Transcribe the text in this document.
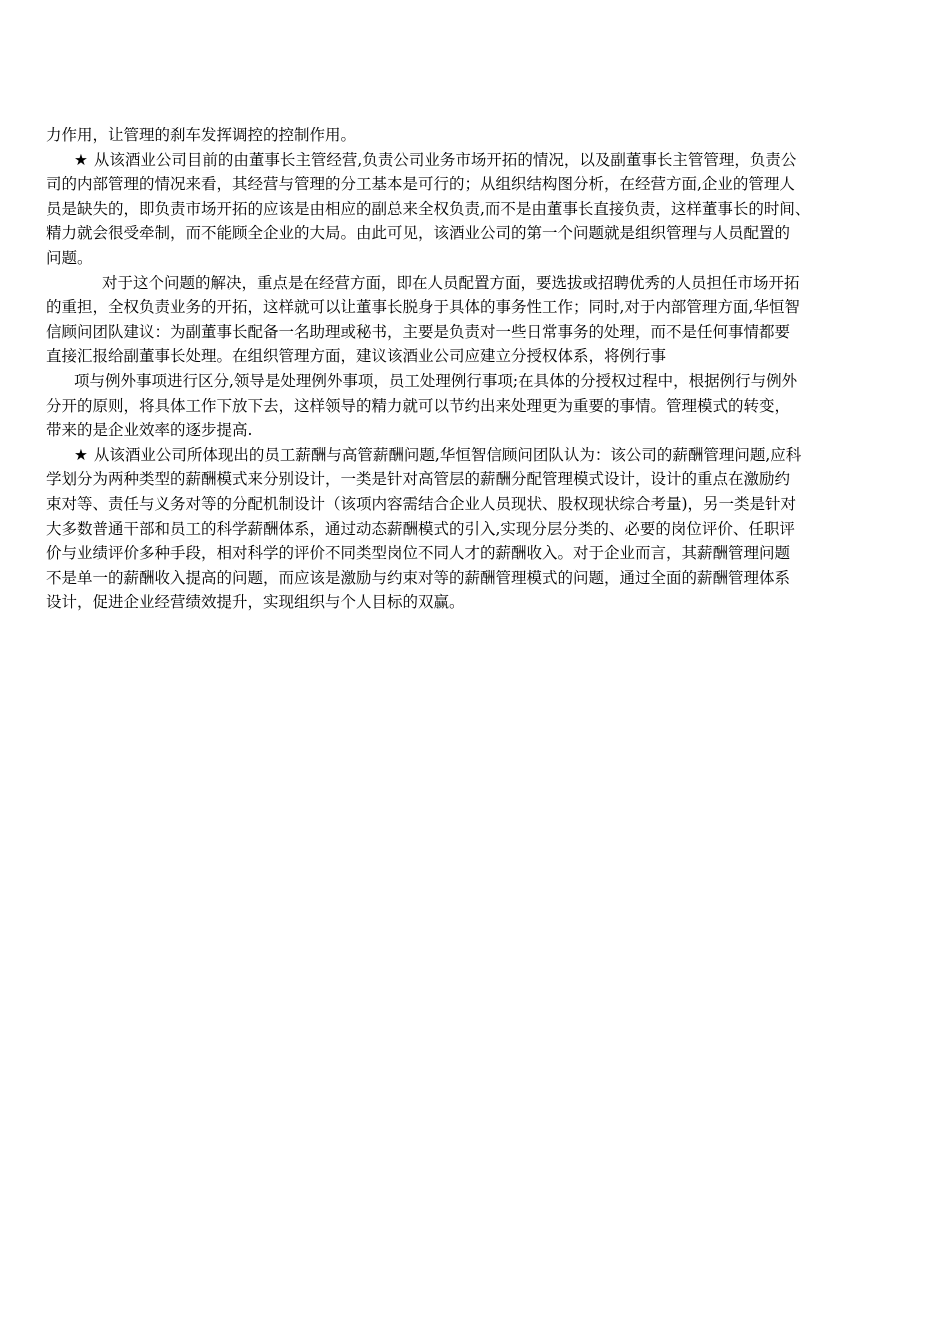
力作用，让管理的刹车发挥调控的控制作用。
★ 从该酒业公司目前的由董事长主管经营,负责公司业务市场开拓的情况，以及副董事长主管管理，负责公
司的内部管理的情况来看，其经营与管理的分工基本是可行的；从组织结构图分析，在经营方面,企业的管理人
员是缺失的，即负责市场开拓的应该是由相应的副总来全权负责,而不是由董事长直接负责，这样董事长的时间、
精力就会很受牵制，而不能顾全企业的大局。由此可见，该酒业公司的第一个问题就是组织管理与人员配置的
问题。
对于这个问题的解决，重点是在经营方面，即在人员配置方面，要选拔或招聘优秀的人员担任市场开拓
的重担，全权负责业务的开拓，这样就可以让董事长脱身于具体的事务性工作；同时,对于内部管理方面,华恒智
信顾问团队建议：为副董事长配备一名助理或秘书，主要是负责对一些日常事务的处理，而不是任何事情都要
直接汇报给副董事长处理。在组织管理方面，建议该酒业公司应建立分授权体系，将例行事
项与例外事项进行区分,领导是处理例外事项，员工处理例行事项;在具体的分授权过程中，根据例行与例外
分开的原则，将具体工作下放下去，这样领导的精力就可以节约出来处理更为重要的事情。管理模式的转变，
带来的是企业效率的逐步提高.
★ 从该酒业公司所体现出的员工薪酬与高管薪酬问题,华恒智信顾问团队认为：该公司的薪酬管理问题,应科
学划分为两种类型的薪酬模式来分别设计，一类是针对高管层的薪酬分配管理模式设计，设计的重点在激励约
束对等、责任与义务对等的分配机制设计（该项内容需结合企业人员现状、股权现状综合考量)，另一类是针对
大多数普通干部和员工的科学薪酬体系，通过动态薪酬模式的引入,实现分层分类的、必要的岗位评价、任职评
价与业绩评价多种手段，相对科学的评价不同类型岗位不同人才的薪酬收入。对于企业而言，其薪酬管理问题
不是单一的薪酬收入提高的问题，而应该是激励与约束对等的薪酬管理模式的问题，通过全面的薪酬管理体系
设计，促进企业经营绩效提升，实现组织与个人目标的双赢。
